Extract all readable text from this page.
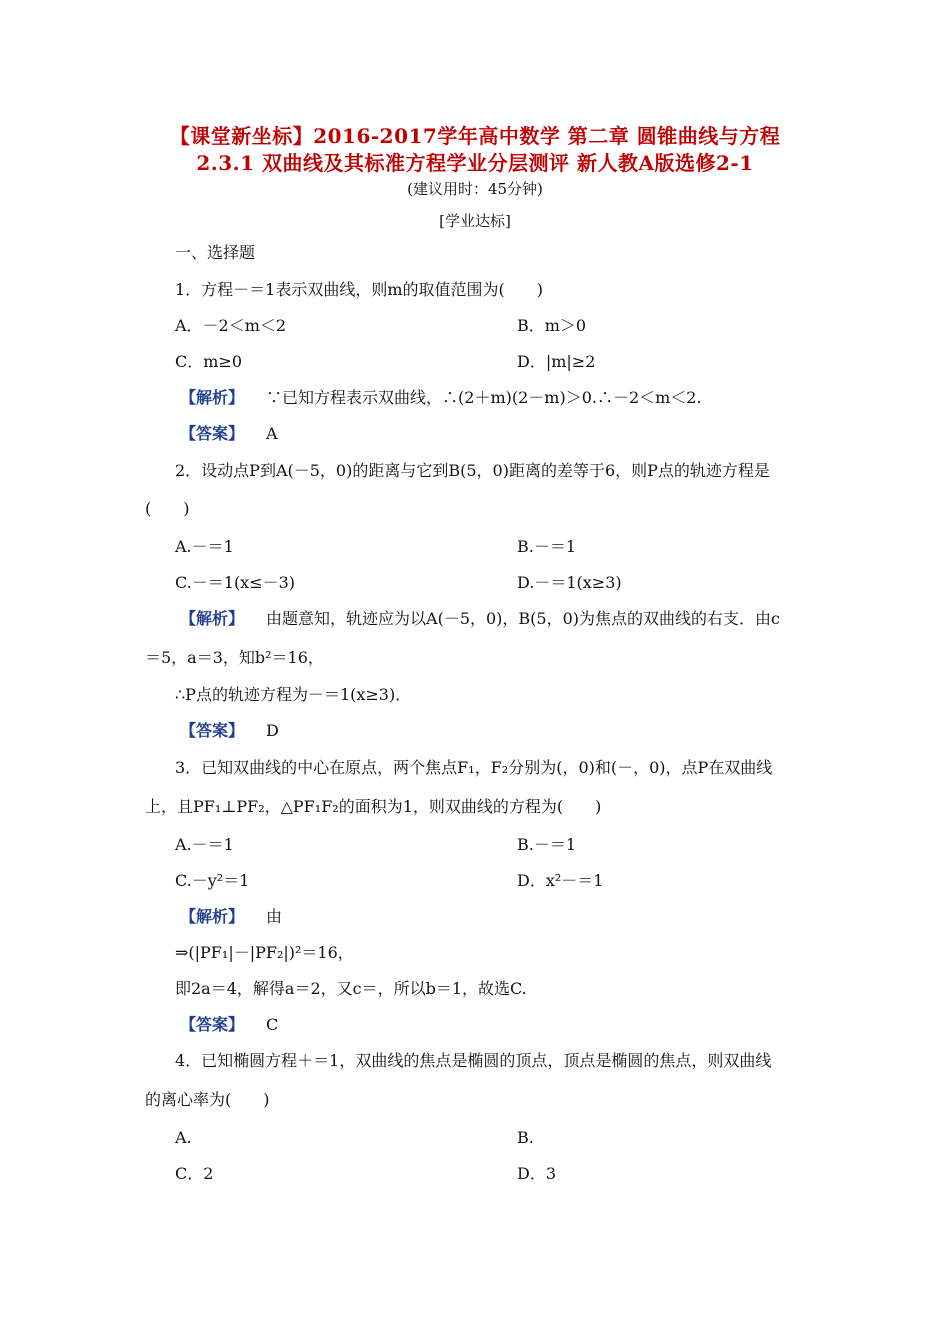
【课堂新坐标】2016-2017学年高中数学 第二章 圆锥曲线与方程
2.3.1 双曲线及其标准方程学业分层测评 新人教A版选修2-1
(建议用时：45分钟)
[学业达标]
一、选择题
1．方程－＝1表示双曲线，则m的取值范围为(　　)
A．－2＜m＜2	B．m＞0
C．m≥0	D．|m|≥2
【解析】 ∵已知方程表示双曲线，∴(2＋m)(2－m)＞0.∴－2＜m＜2.
【答案】 A
2．设动点P到A(－5，0)的距离与它到B(5，0)距离的差等于6，则P点的轨迹方程是
(　　)
A.－＝1	B.－＝1
C.－＝1(x≤－3)	D.－＝1(x≥3)
【解析】 由题意知，轨迹应为以A(－5，0)，B(5，0)为焦点的双曲线的右支．由c
＝5，a＝3，知b²＝16，
∴P点的轨迹方程为－＝1(x≥3)．
【答案】 D
3．已知双曲线的中心在原点，两个焦点F₁，F₂分别为(，0)和(－，0)，点P在双曲线
上，且PF₁⊥PF₂，△PF₁F₂的面积为1，则双曲线的方程为(　　)
A.－＝1	B.－＝1
C.－y²＝1	D．x²－＝1
【解析】 由
⇒(|PF₁|－|PF₂|)²＝16，
即2a＝4，解得a＝2，又c＝，所以b＝1，故选C.
【答案】 C
4．已知椭圆方程＋＝1，双曲线的焦点是椭圆的顶点，顶点是椭圆的焦点，则双曲线
的离心率为(　　)
A.	B.
C．2	D．3
